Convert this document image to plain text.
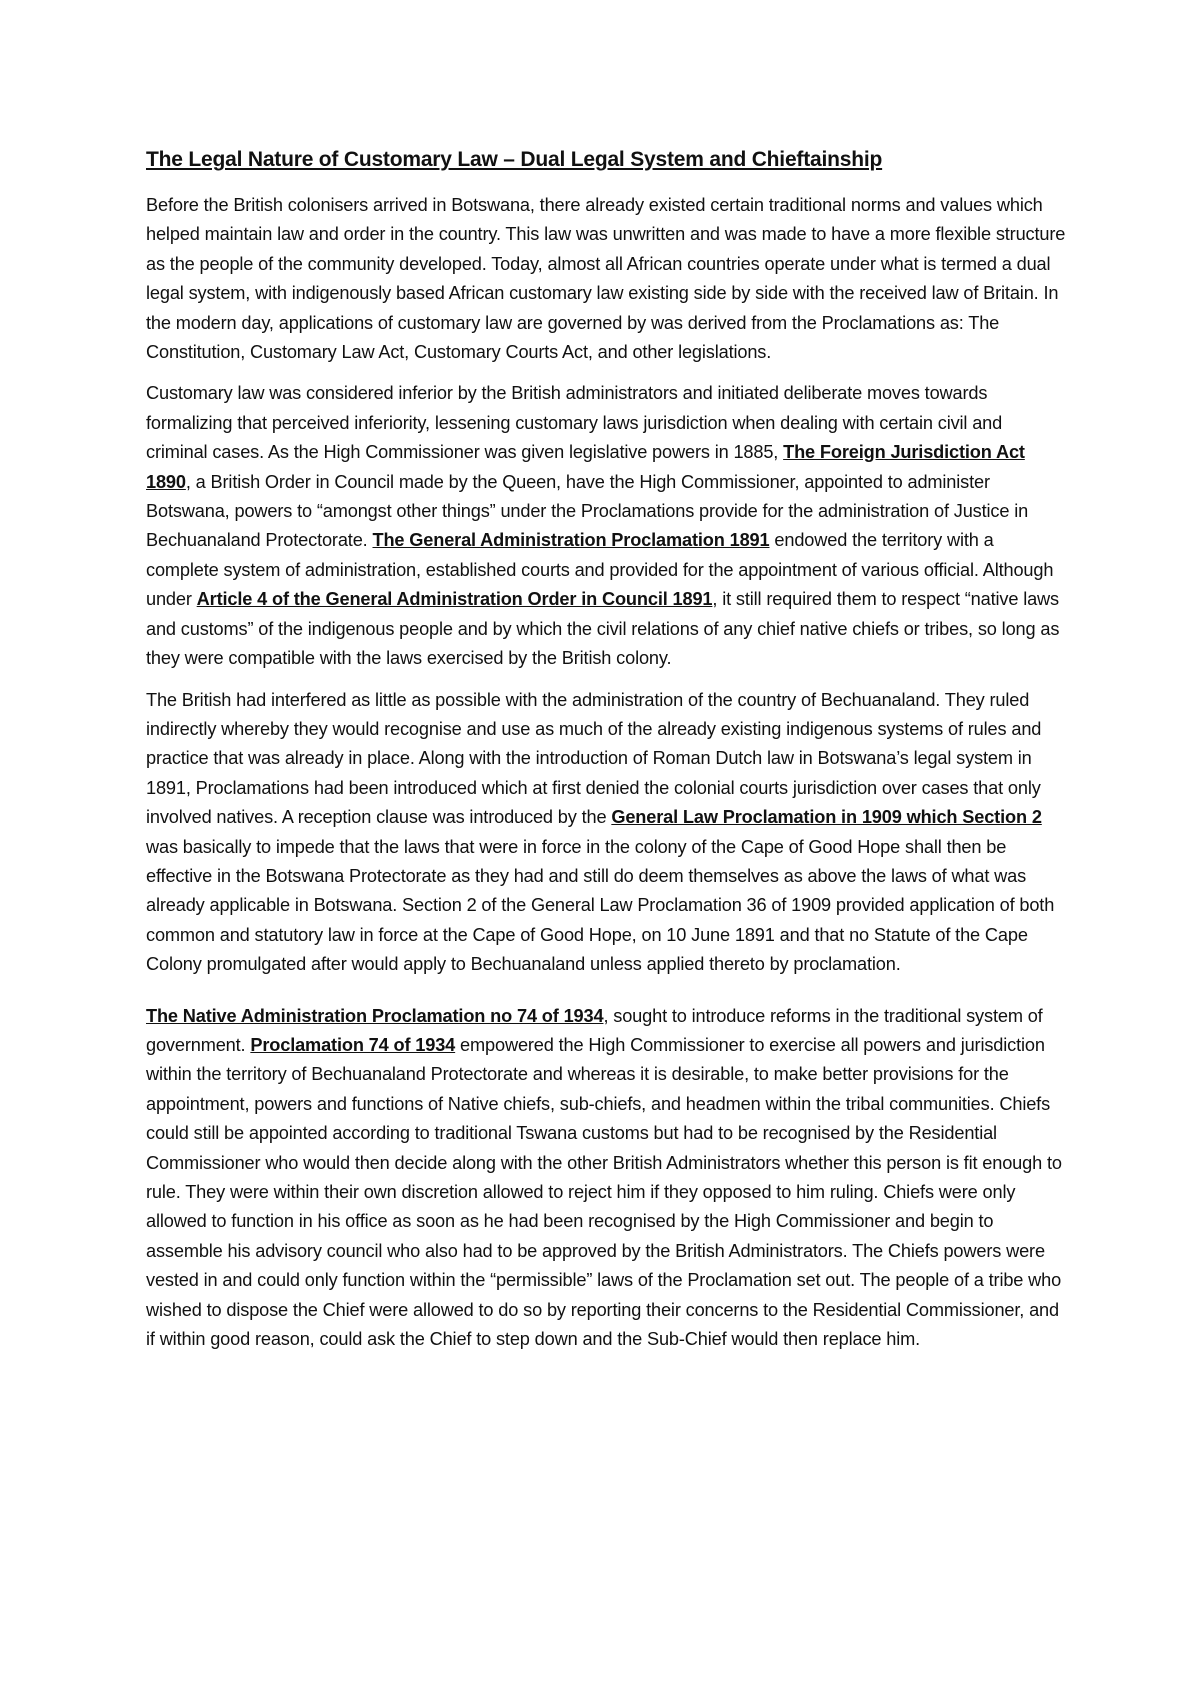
The Legal Nature of Customary Law – Dual Legal System and Chieftainship

Before the British colonisers arrived in Botswana, there already existed certain traditional norms and values which helped maintain law and order in the country. This law was unwritten and was made to have a more flexible structure as the people of the community developed. Today, almost all African countries operate under what is termed a dual legal system, with indigenously based African customary law existing side by side with the received law of Britain. In the modern day, applications of customary law are governed by was derived from the Proclamations as: The Constitution, Customary Law Act, Customary Courts Act, and other legislations.

Customary law was considered inferior by the British administrators and initiated deliberate moves towards formalizing that perceived inferiority, lessening customary laws jurisdiction when dealing with certain civil and criminal cases. As the High Commissioner was given legislative powers in 1885, The Foreign Jurisdiction Act 1890, a British Order in Council made by the Queen, have the High Commissioner, appointed to administer Botswana, powers to “amongst other things” under the Proclamations provide for the administration of Justice in Bechuanaland Protectorate. The General Administration Proclamation 1891 endowed the territory with a complete system of administration, established courts and provided for the appointment of various official. Although under Article 4 of the General Administration Order in Council 1891, it still required them to respect “native laws and customs” of the indigenous people and by which the civil relations of any chief native chiefs or tribes, so long as they were compatible with the laws exercised by the British colony.

The British had interfered as little as possible with the administration of the country of Bechuanaland. They ruled indirectly whereby they would recognise and use as much of the already existing indigenous systems of rules and practice that was already in place. Along with the introduction of Roman Dutch law in Botswana’s legal system in 1891, Proclamations had been introduced which at first denied the colonial courts jurisdiction over cases that only involved natives. A reception clause was introduced by the General Law Proclamation in 1909 which Section 2 was basically to impede that the laws that were in force in the colony of the Cape of Good Hope shall then be effective in the Botswana Protectorate as they had and still do deem themselves as above the laws of what was already applicable in Botswana. Section 2 of the General Law Proclamation 36 of 1909 provided application of both common and statutory law in force at the Cape of Good Hope, on 10 June 1891 and that no Statute of the Cape Colony promulgated after would apply to Bechuanaland unless applied thereto by proclamation.

The Native Administration Proclamation no 74 of 1934, sought to introduce reforms in the traditional system of government. Proclamation 74 of 1934 empowered the High Commissioner to exercise all powers and jurisdiction within the territory of Bechuanaland Protectorate and whereas it is desirable, to make better provisions for the appointment, powers and functions of Native chiefs, sub-chiefs, and headmen within the tribal communities. Chiefs could still be appointed according to traditional Tswana customs but had to be recognised by the Residential Commissioner who would then decide along with the other British Administrators whether this person is fit enough to rule. They were within their own discretion allowed to reject him if they opposed to him ruling. Chiefs were only allowed to function in his office as soon as he had been recognised by the High Commissioner and begin to assemble his advisory council who also had to be approved by the British Administrators. The Chiefs powers were vested in and could only function within the “permissible” laws of the Proclamation set out. The people of a tribe who wished to dispose the Chief were allowed to do so by reporting their concerns to the Residential Commissioner, and if within good reason, could ask the Chief to step down and the Sub-Chief would then replace him.
